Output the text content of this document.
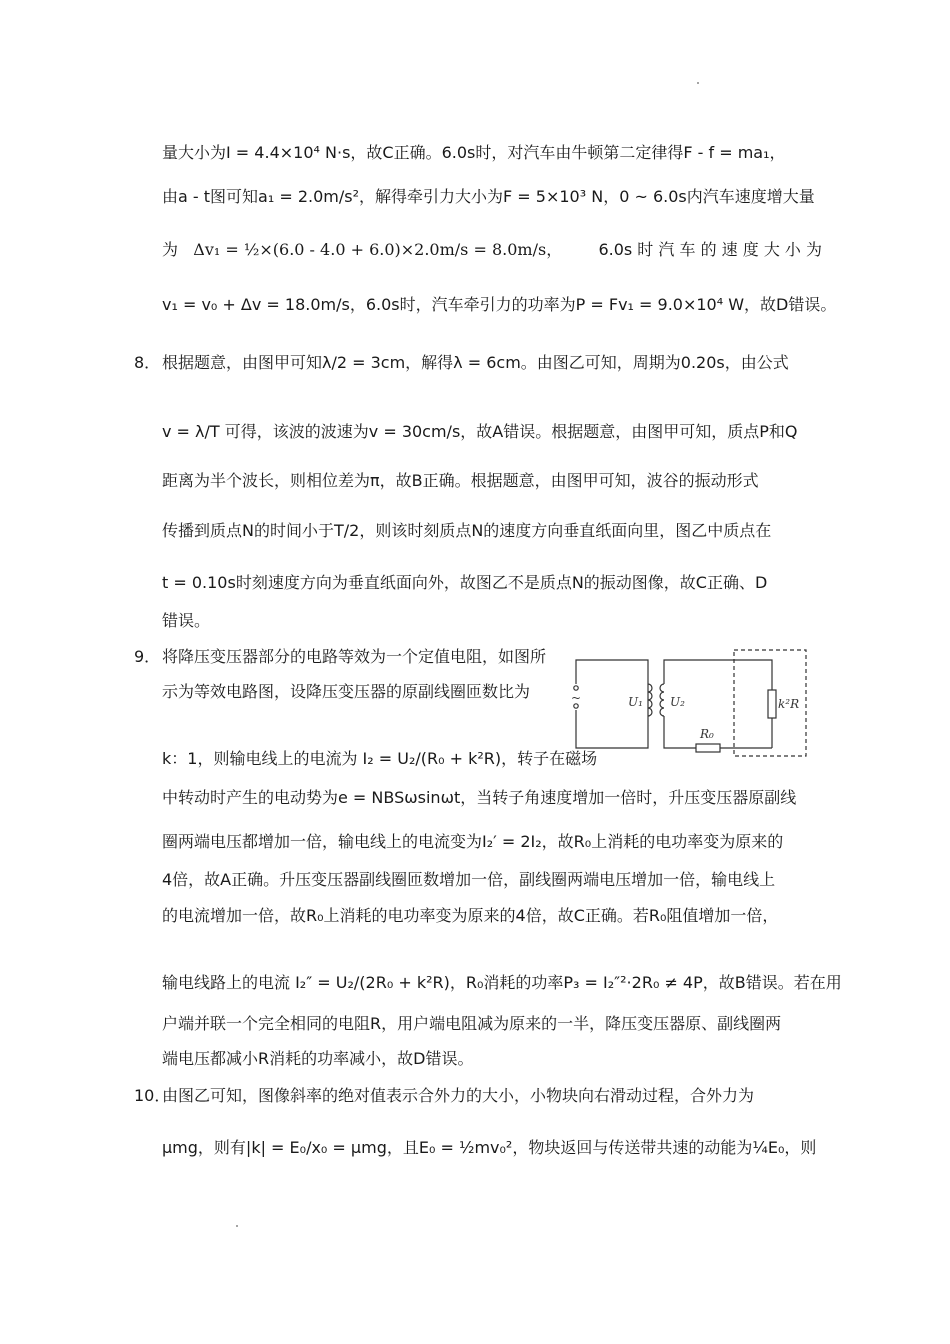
量大小为I = 4.4×10⁴ N·s，故C正确。6.0s时，对汽车由牛顿第二定律得F - f = ma₁，
由a - t图可知a₁ = 2.0m/s²，解得牵引力大小为F = 5×10³ N，0 ~ 6.0s内汽车速度增大量
为 Δv₁ = ½×(6.0 - 4.0 + 6.0)×2.0m/s = 8.0m/s， 6.0s 时 汽 车 的 速 度 大 小 为
v₁ = v₀ + Δv = 18.0m/s，6.0s时，汽车牵引力的功率为P = Fv₁ = 9.0×10⁴ W，故D错误。
8． 根据题意，由图甲可知λ/2 = 3cm，解得λ = 6cm。由图乙可知，周期为0.20s，由公式
v = λ/T 可得，该波的波速为v = 30cm/s，故A错误。根据题意，由图甲可知，质点P和Q
距离为半个波长，则相位差为π，故B正确。根据题意，由图甲可知，波谷的振动形式
传播到质点N的时间小于T/2，则该时刻质点N的速度方向垂直纸面向里，图乙中质点在
t = 0.10s时刻速度方向为垂直纸面向外，故图乙不是质点N的振动图像，故C正确、D
错误。
9． 将降压变压器部分的电路等效为一个定值电阻，如图所
示为等效电路图，设降压变压器的原副线圈匝数比为
k：1，则输电线上的电流为 I₂ = U₂/(R₀ + k²R)，转子在磁场
中转动时产生的电动势为e = NBSωsinωt，当转子角速度增加一倍时，升压变压器原副线
圈两端电压都增加一倍，输电线上的电流变为I₂′ = 2I₂，故R₀上消耗的电功率变为原来的
4倍，故A正确。升压变压器副线圈匝数增加一倍，副线圈两端电压增加一倍，输电线上
的电流增加一倍，故R₀上消耗的电功率变为原来的4倍，故C正确。若R₀阻值增加一倍，
输电线路上的电流 I₂″ = U₂/(2R₀ + k²R)，R₀消耗的功率P₃ = I₂″²·2R₀ ≠ 4P，故B错误。若在用
户端并联一个完全相同的电阻R，用户端电阻减为原来的一半，降压变压器原、副线圈两
端电压都减小R消耗的功率减小，故D错误。
~	U₁ U₂
R₀
k²R
10．
由图乙可知，图像斜率的绝对值表示合外力的大小，小物块向右滑动过程，合外力为
μmg，则有|k| = E₀/x₀ = μmg，且E₀ = ½mv₀²，物块返回与传送带共速的动能为¼E₀，则
